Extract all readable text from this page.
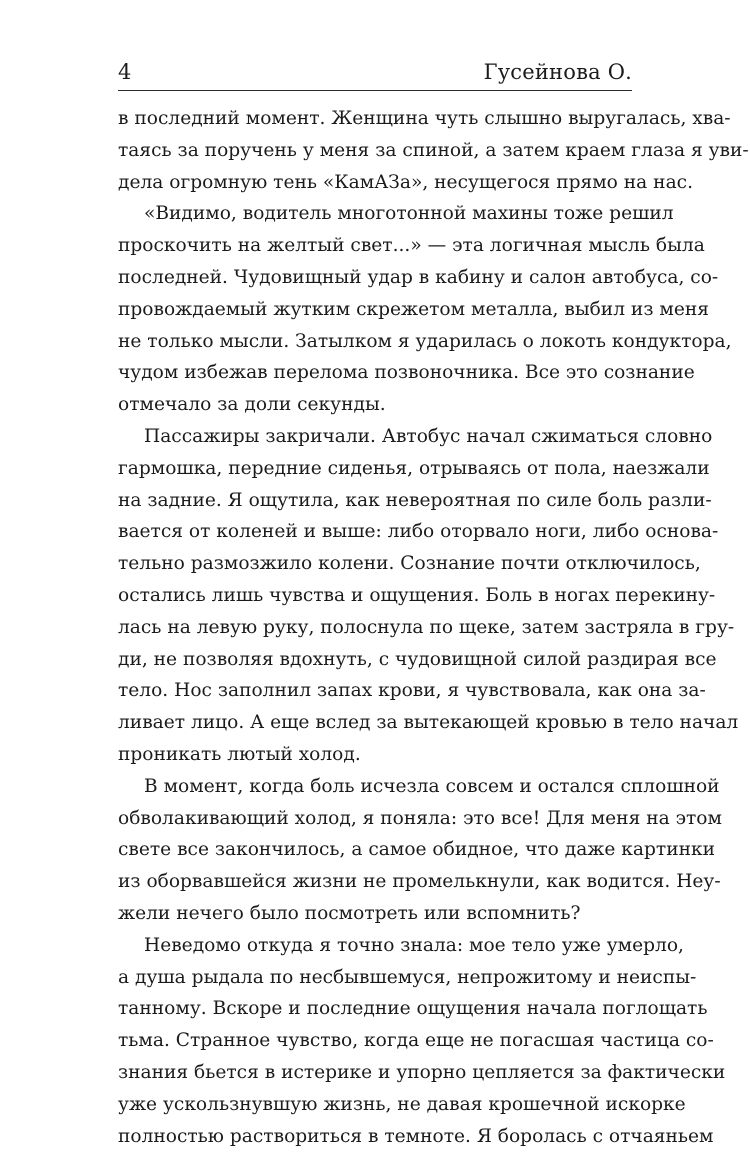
4	Гусейнова О.
в последний момент. Женщина чуть слышно выругалась, хва-
таясь за поручень у меня за спиной, а затем краем глаза я уви-
дела огромную тень «КамАЗа», несущегося прямо на нас.
«Видимо, водитель многотонной махины тоже решил
проскочить на желтый свет...» — эта логичная мысль была
последней. Чудовищный удар в кабину и салон автобуса, со-
провождаемый жутким скрежетом металла, выбил из меня
не только мысли. Затылком я ударилась о локоть кондуктора,
чудом избежав перелома позвоночника. Все это сознание
отмечало за доли секунды.
Пассажиры закричали. Автобус начал сжиматься словно
гармошка, передние сиденья, отрываясь от пола, наезжали
на задние. Я ощутила, как невероятная по силе боль разли-
вается от коленей и выше: либо оторвало ноги, либо основа-
тельно размозжило колени. Сознание почти отключилось,
остались лишь чувства и ощущения. Боль в ногах перекину-
лась на левую руку, полоснула по щеке, затем застряла в гру-
ди, не позволяя вдохнуть, с чудовищной силой раздирая все
тело. Нос заполнил запах крови, я чувствовала, как она за-
ливает лицо. А еще вслед за вытекающей кровью в тело начал
проникать лютый холод.
В момент, когда боль исчезла совсем и остался сплошной
обволакивающий холод, я поняла: это все! Для меня на этом
свете все закончилось, а самое обидное, что даже картинки
из оборвавшейся жизни не промелькнули, как водится. Неу-
жели нечего было посмотреть или вспомнить?
Неведомо откуда я точно знала: мое тело уже умерло,
а душа рыдала по несбывшемуся, непрожитому и неиспы-
танному. Вскоре и последние ощущения начала поглощать
тьма. Странное чувство, когда еще не погасшая частица со-
знания бьется в истерике и упорно цепляется за фактически
уже ускользнувшую жизнь, не давая крошечной искорке
полностью раствориться в темноте. Я боролась с отчаяньем
